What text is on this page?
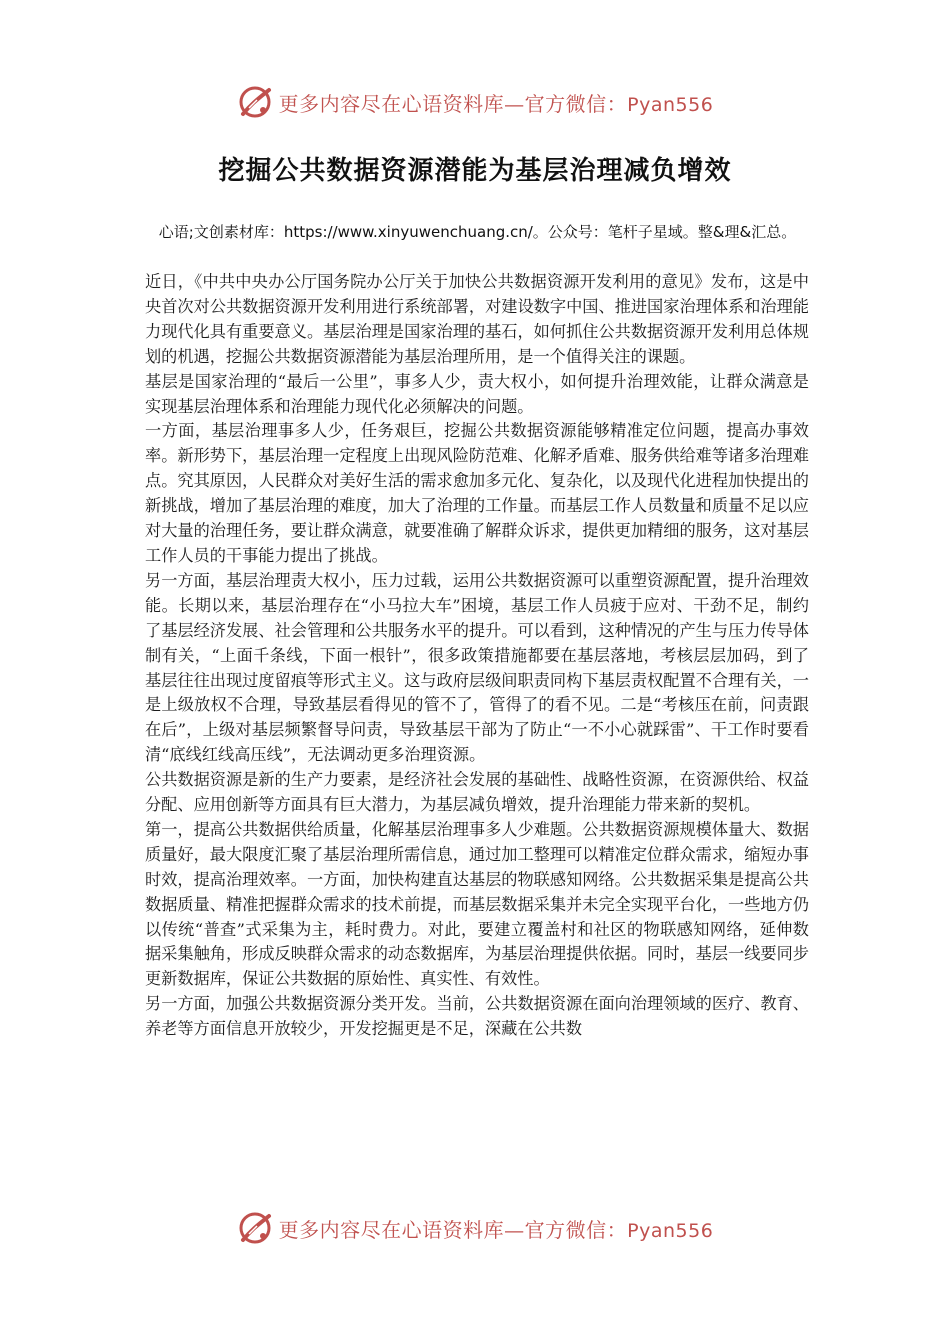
更多内容尽在心语资料库—官方微信：Pyan556
挖掘公共数据资源潜能为基层治理减负增效
心语;文创素材库：https://www.xinyuwenchuang.cn/。公众号：笔杆子星域。整&理&汇总。

近日，《中共中央办公厅国务院办公厅关于加快公共数据资源开发利用的意见》发布，这是中央首次对公共数据资源开发利用进行系统部署，对建设数字中国、推进国家治理体系和治理能力现代化具有重要意义。基层治理是国家治理的基石，如何抓住公共数据资源开发利用总体规划的机遇，挖掘公共数据资源潜能为基层治理所用，是一个值得关注的课题。

基层是国家治理的“最后一公里”，事多人少，责大权小，如何提升治理效能，让群众满意是实现基层治理体系和治理能力现代化必须解决的问题。

一方面，基层治理事多人少，任务艰巨，挖掘公共数据资源能够精准定位问题，提高办事效率。新形势下，基层治理一定程度上出现风险防范难、化解矛盾难、服务供给难等诸多治理难点。究其原因，人民群众对美好生活的需求愈加多元化、复杂化，以及现代化进程加快提出的新挑战，增加了基层治理的难度，加大了治理的工作量。而基层工作人员数量和质量不足以应对大量的治理任务，要让群众满意，就要准确了解群众诉求，提供更加精细的服务，这对基层工作人员的干事能力提出了挑战。

另一方面，基层治理责大权小，压力过载，运用公共数据资源可以重塑资源配置，提升治理效能。长期以来，基层治理存在“小马拉大车”困境，基层工作人员疲于应对、干劲不足，制约了基层经济发展、社会管理和公共服务水平的提升。可以看到，这种情况的产生与压力传导体制有关，“上面千条线，下面一根针”，很多政策措施都要在基层落地，考核层层加码，到了基层往往出现过度留痕等形式主义。这与政府层级间职责同构下基层责权配置不合理有关，一是上级放权不合理，导致基层看得见的管不了，管得了的看不见。二是“考核压在前，问责跟在后”，上级对基层频繁督导问责，导致基层干部为了防止“一不小心就踩雷”、干工作时要看清“底线红线高压线”，无法调动更多治理资源。

公共数据资源是新的生产力要素，是经济社会发展的基础性、战略性资源，在资源供给、权益分配、应用创新等方面具有巨大潜力，为基层减负增效，提升治理能力带来新的契机。

第一，提高公共数据供给质量，化解基层治理事多人少难题。公共数据资源规模体量大、数据质量好，最大限度汇聚了基层治理所需信息，通过加工整理可以精准定位群众需求，缩短办事时效，提高治理效率。一方面，加快构建直达基层的物联感知网络。公共数据采集是提高公共数据质量、精准把握群众需求的技术前提，而基层数据采集并未完全实现平台化，一些地方仍以传统“普查”式采集为主，耗时费力。对此，要建立覆盖村和社区的物联感知网络，延伸数据采集触角，形成反映群众需求的动态数据库，为基层治理提供依据。同时，基层一线要同步更新数据库，保证公共数据的原始性、真实性、有效性。

另一方面，加强公共数据资源分类开发。当前，公共数据资源在面向治理领域的医疗、教育、养老等方面信息开放较少，开发挖掘更是不足，深藏在公共数

更多内容尽在心语资料库—官方微信：Pyan556
